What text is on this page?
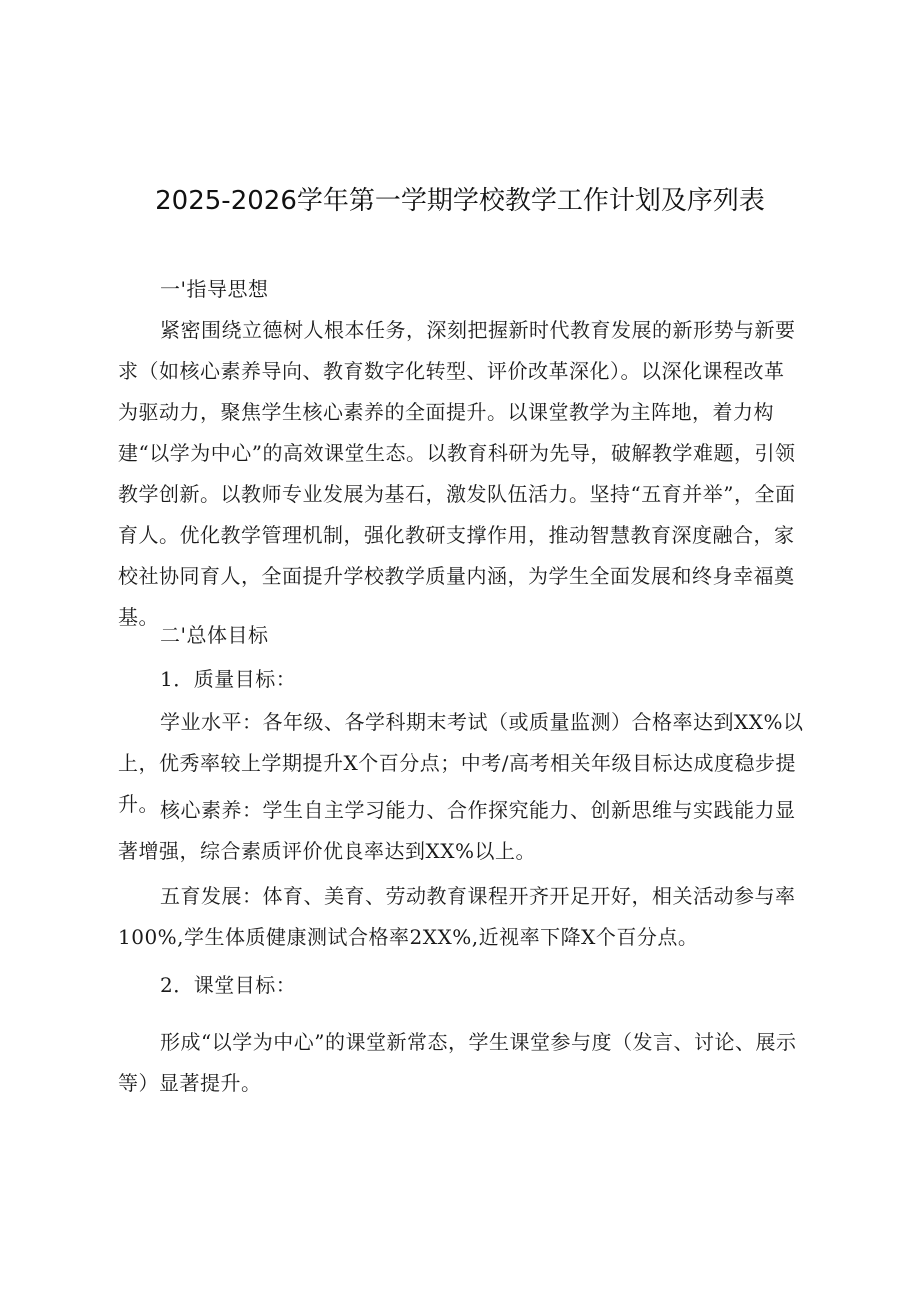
2025-2026学年第一学期学校教学工作计划及序列表

一'指导思想

紧密围绕立德树人根本任务，深刻把握新时代教育发展的新形势与新要求（如核心素养导向、教育数字化转型、评价改革深化）。以深化课程改革为驱动力，聚焦学生核心素养的全面提升。以课堂教学为主阵地，着力构建“以学为中心”的高效课堂生态。以教育科研为先导，破解教学难题，引领教学创新。以教师专业发展为基石，激发队伍活力。坚持“五育并举”，全面育人。优化教学管理机制，强化教研支撑作用，推动智慧教育深度融合，家校社协同育人，全面提升学校教学质量内涵，为学生全面发展和终身幸福奠基。

二'总体目标

1．质量目标：

学业水平：各年级、各学科期末考试（或质量监测）合格率达到XX%以上，优秀率较上学期提升X个百分点；中考/高考相关年级目标达成度稳步提升。 核心素养：学生自主学习能力、合作探究能力、创新思维与实践能力显著增强，综合素质评价优良率达到XX%以上。

五育发展：体育、美育、劳动教育课程开齐开足开好，相关活动参与率100%,学生体质健康测试合格率2XX%,近视率下降X个百分点。

2．课堂目标：

形成“以学为中心”的课堂新常态，学生课堂参与度（发言、讨论、展示等）显著提升。
